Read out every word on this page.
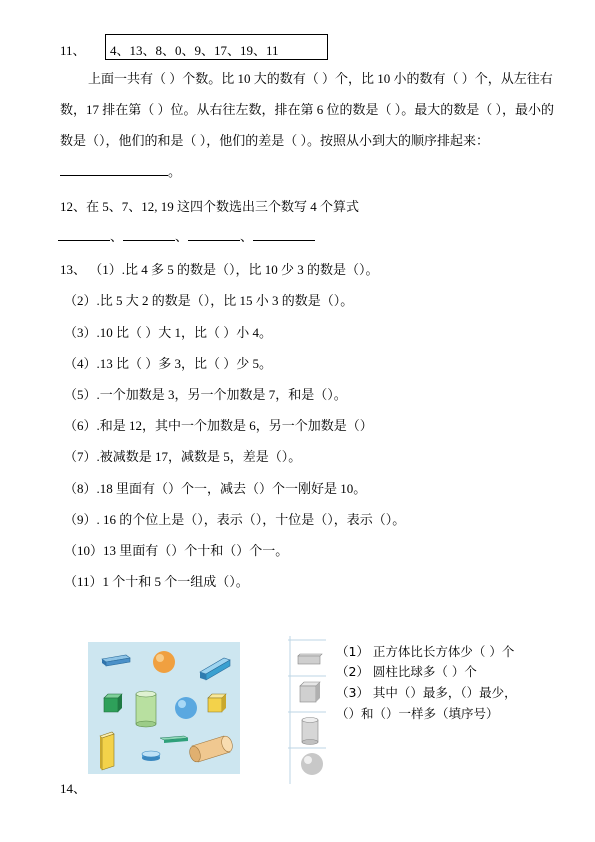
11、 4、13、8、0、9、17、19、11
上面一共有（ ）个数。比 10 大的数有（ ）个，比 10 小的数有（ ）个，从左往右数，17 排在第（ ）位。从右往左数，排在第 6 位的数是（ ）。最大的数是（ ），最小的数是（），他们的和是（ ），他们的差是（ ）。按照从小到大的顺序排起来：。
12、在 5、7、12, 19 这四个数选出三个数写 4 个算式
、	、	、
13、 （1）.比 4 多 5 的数是（），比 10 少 3 的数是（）。
（2）.比 5 大 2 的数是（），比 15 小 3 的数是（）。
（3）.10 比（ ）大 1，比（ ）小 4。
（4）.13 比（ ）多 3，比（ ）少 5。
（5）.一个加数是 3，另一个加数是 7，和是（）。
（6）.和是 12，其中一个加数是 6，另一个加数是（）
（7）.被减数是 17，减数是 5，差是（）。
（8）.18 里面有（）个一，减去（）个一刚好是 10。
（9）. 16 的个位上是（），表示（），十位是（），表示（）。
（10）13 里面有（）个十和（）个一。
（11）1 个十和 5 个一组成（）。
（1） 正方体比长方体少（ ）个
（2） 圆柱比球多（ ）个
（3） 其中（）最多，（）最少，
（）和（）一样多（填序号）
14、
